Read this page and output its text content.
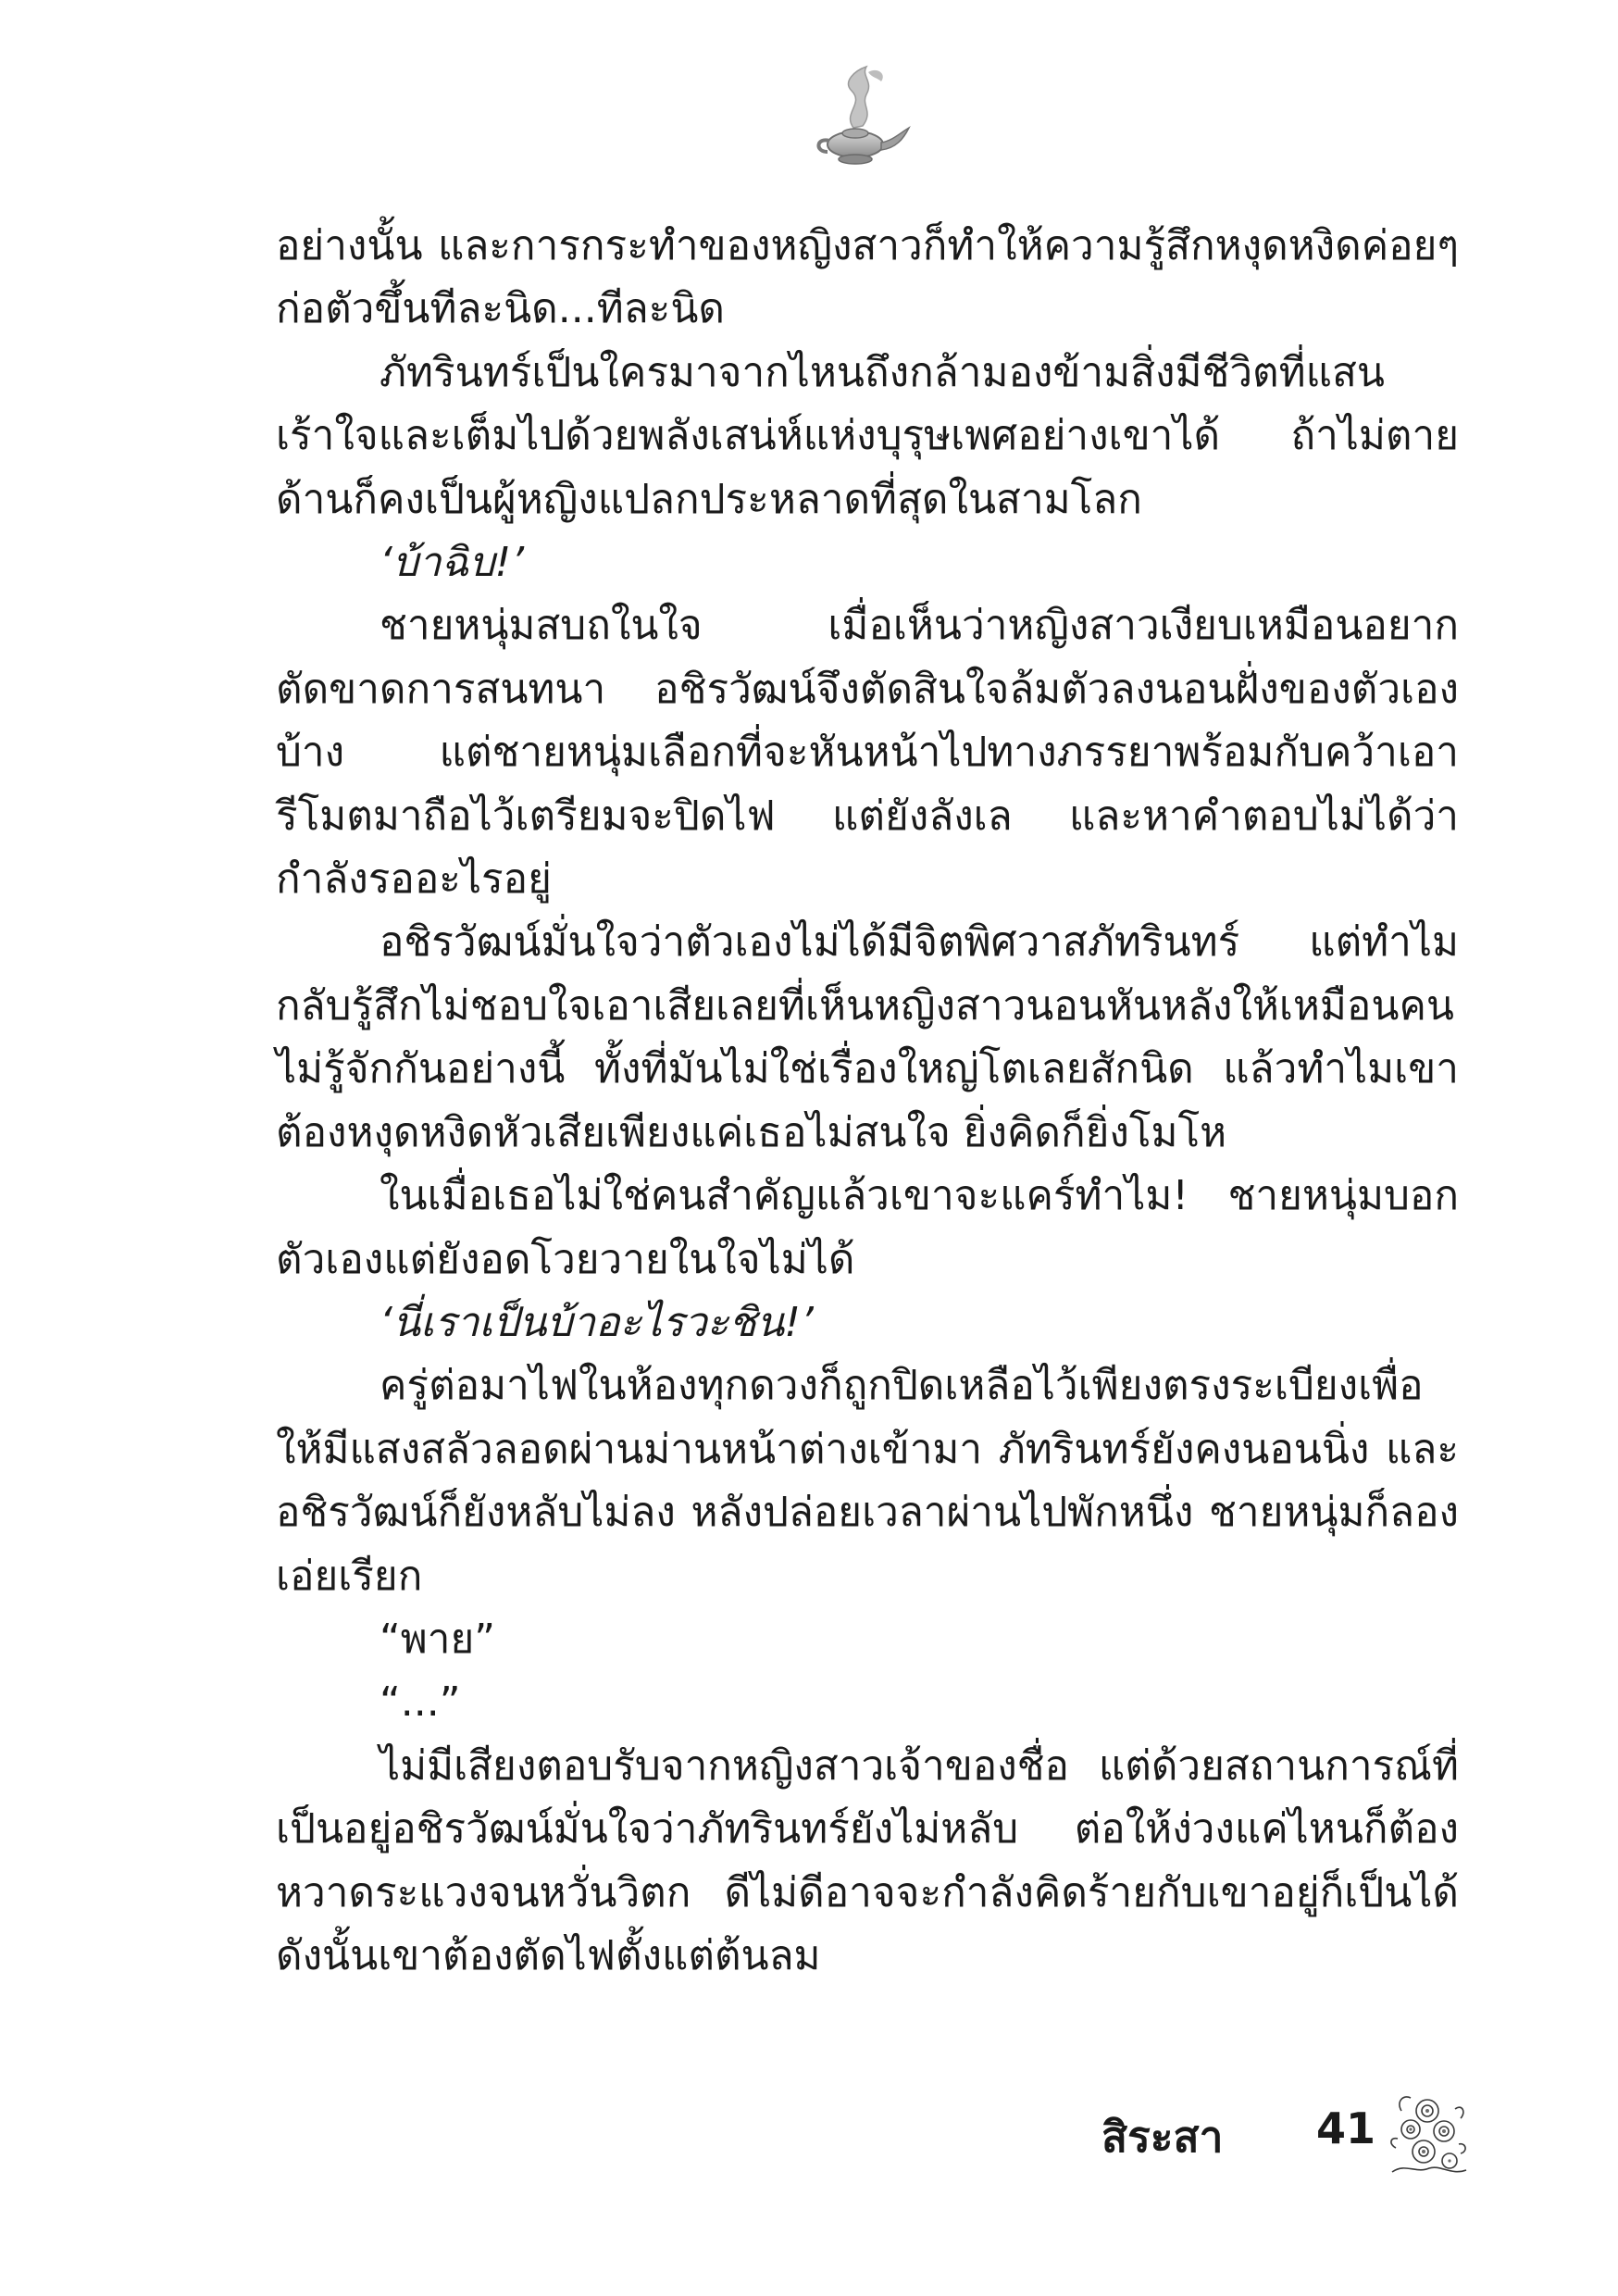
อย่างนั้น และการกระทำของหญิงสาวก็ทำให้ความรู้สึกหงุดหงิดค่อยๆ ก่อตัวขึ้นทีละนิด...ทีละนิด

ภัทรินทร์เป็นใครมาจากไหนถึงกล้ามองข้ามสิ่งมีชีวิตที่แสนเร้าใจและเต็มไปด้วยพลังเสน่ห์แห่งบุรุษเพศอย่างเขาได้ ถ้าไม่ตายด้านก็คงเป็นผู้หญิงแปลกประหลาดที่สุดในสามโลก

‘บ้าฉิบ!’

ชายหนุ่มสบถในใจ เมื่อเห็นว่าหญิงสาวเงียบเหมือนอยากตัดขาดการสนทนา อชิรวัฒน์จึงตัดสินใจล้มตัวลงนอนฝั่งของตัวเองบ้าง แต่ชายหนุ่มเลือกที่จะหันหน้าไปทางภรรยาพร้อมกับคว้าเอารีโมตมาถือไว้เตรียมจะปิดไฟ แต่ยังลังเล และหาคำตอบไม่ได้ว่ากำลังรออะไรอยู่

อชิรวัฒน์มั่นใจว่าตัวเองไม่ได้มีจิตพิศวาสภัทรินทร์ แต่ทำไมกลับรู้สึกไม่ชอบใจเอาเสียเลยที่เห็นหญิงสาวนอนหันหลังให้เหมือนคนไม่รู้จักกันอย่างนี้ ทั้งที่มันไม่ใช่เรื่องใหญ่โตเลยสักนิด แล้วทำไมเขาต้องหงุดหงิดหัวเสียเพียงแค่เธอไม่สนใจ ยิ่งคิดก็ยิ่งโมโห

ในเมื่อเธอไม่ใช่คนสำคัญแล้วเขาจะแคร์ทำไม! ชายหนุ่มบอกตัวเองแต่ยังอดโวยวายในใจไม่ได้

‘นี่เราเป็นบ้าอะไรวะชิน!’

ครู่ต่อมาไฟในห้องทุกดวงก็ถูกปิดเหลือไว้เพียงตรงระเบียงเพื่อให้มีแสงสลัวลอดผ่านม่านหน้าต่างเข้ามา ภัทรินทร์ยังคงนอนนิ่ง และอชิรวัฒน์ก็ยังหลับไม่ลง หลังปล่อยเวลาผ่านไปพักหนึ่ง ชายหนุ่มก็ลองเอ่ยเรียก

“พาย”

“...”

ไม่มีเสียงตอบรับจากหญิงสาวเจ้าของชื่อ แต่ด้วยสถานการณ์ที่เป็นอยู่อชิรวัฒน์มั่นใจว่าภัทรินทร์ยังไม่หลับ ต่อให้ง่วงแค่ไหนก็ต้องหวาดระแวงจนหวั่นวิตก ดีไม่ดีอาจจะกำลังคิดร้ายกับเขาอยู่ก็เป็นได้ ดังนั้นเขาต้องตัดไฟตั้งแต่ต้นลม

สิระสา 41
